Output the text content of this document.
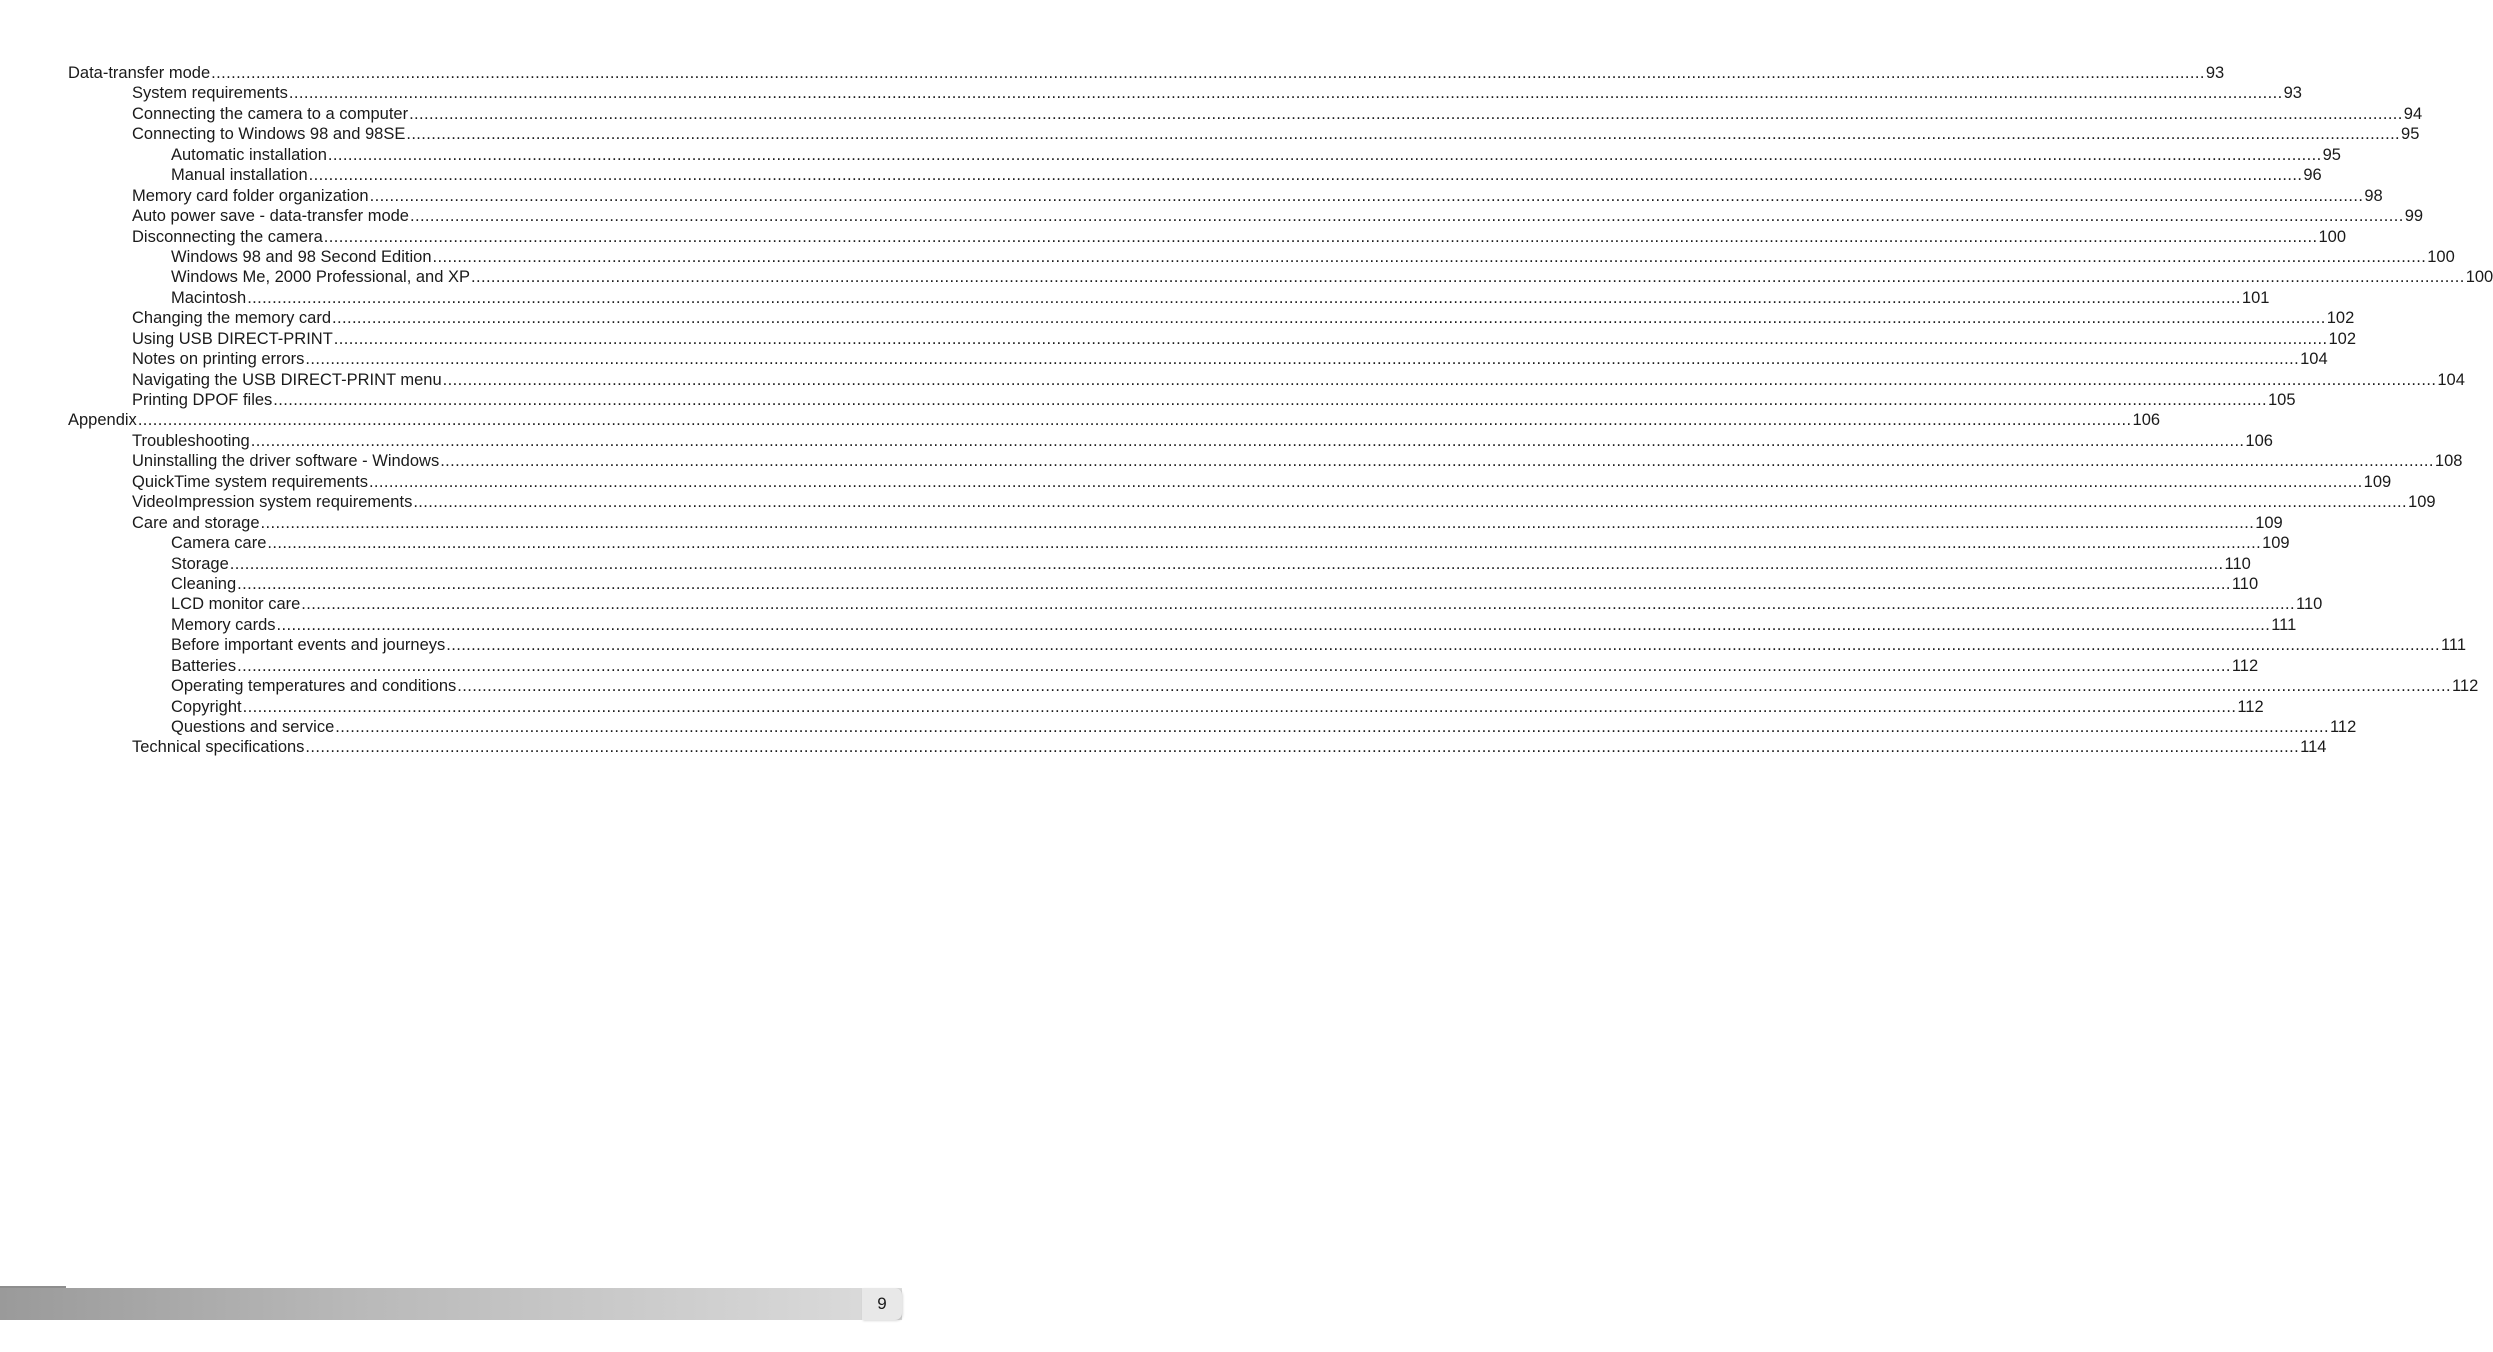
Data-transfer mode ................................................................................................................................................................................................................................................................................................................................................................................................................ 93
System requirements ................................................................................................................................................................................................................................................................................................................................................................................................................ 93
Connecting the camera to a computer ................................................................................................................................................................................................................................................................................................................................................................................................................ 94
Connecting to Windows 98 and 98SE ................................................................................................................................................................................................................................................................................................................................................................................................................ 95
Automatic installation ................................................................................................................................................................................................................................................................................................................................................................................................................ 95
Manual installation ................................................................................................................................................................................................................................................................................................................................................................................................................ 96
Memory card folder organization ................................................................................................................................................................................................................................................................................................................................................................................................................ 98
Auto power save - data-transfer mode ................................................................................................................................................................................................................................................................................................................................................................................................................ 99
Disconnecting the camera ................................................................................................................................................................................................................................................................................................................................................................................................................ 100
Windows 98 and 98 Second Edition ................................................................................................................................................................................................................................................................................................................................................................................................................ 100
Windows Me, 2000 Professional, and XP ................................................................................................................................................................................................................................................................................................................................................................................................................ 100
Macintosh ................................................................................................................................................................................................................................................................................................................................................................................................................ 101
Changing the memory card ................................................................................................................................................................................................................................................................................................................................................................................................................ 102
Using USB DIRECT-PRINT ................................................................................................................................................................................................................................................................................................................................................................................................................ 102
Notes on printing errors ................................................................................................................................................................................................................................................................................................................................................................................................................ 104
Navigating the USB DIRECT-PRINT menu ................................................................................................................................................................................................................................................................................................................................................................................................................ 104
Printing DPOF files ................................................................................................................................................................................................................................................................................................................................................................................................................ 105
Appendix ................................................................................................................................................................................................................................................................................................................................................................................................................ 106
Troubleshooting ................................................................................................................................................................................................................................................................................................................................................................................................................ 106
Uninstalling the driver software - Windows ................................................................................................................................................................................................................................................................................................................................................................................................................ 108
QuickTime system requirements ................................................................................................................................................................................................................................................................................................................................................................................................................ 109
VideoImpression system requirements ................................................................................................................................................................................................................................................................................................................................................................................................................ 109
Care and storage ................................................................................................................................................................................................................................................................................................................................................................................................................ 109
Camera care ................................................................................................................................................................................................................................................................................................................................................................................................................ 109
Storage ................................................................................................................................................................................................................................................................................................................................................................................................................ 110
Cleaning ................................................................................................................................................................................................................................................................................................................................................................................................................ 110
LCD monitor care ................................................................................................................................................................................................................................................................................................................................................................................................................ 110
Memory cards ................................................................................................................................................................................................................................................................................................................................................................................................................ 111
Before important events and journeys ................................................................................................................................................................................................................................................................................................................................................................................................................ 111
Batteries ................................................................................................................................................................................................................................................................................................................................................................................................................ 112
Operating temperatures and conditions ................................................................................................................................................................................................................................................................................................................................................................................................................ 112
Copyright ................................................................................................................................................................................................................................................................................................................................................................................................................ 112
Questions and service ................................................................................................................................................................................................................................................................................................................................................................................................................ 112
Technical specifications ................................................................................................................................................................................................................................................................................................................................................................................................................ 114
9
